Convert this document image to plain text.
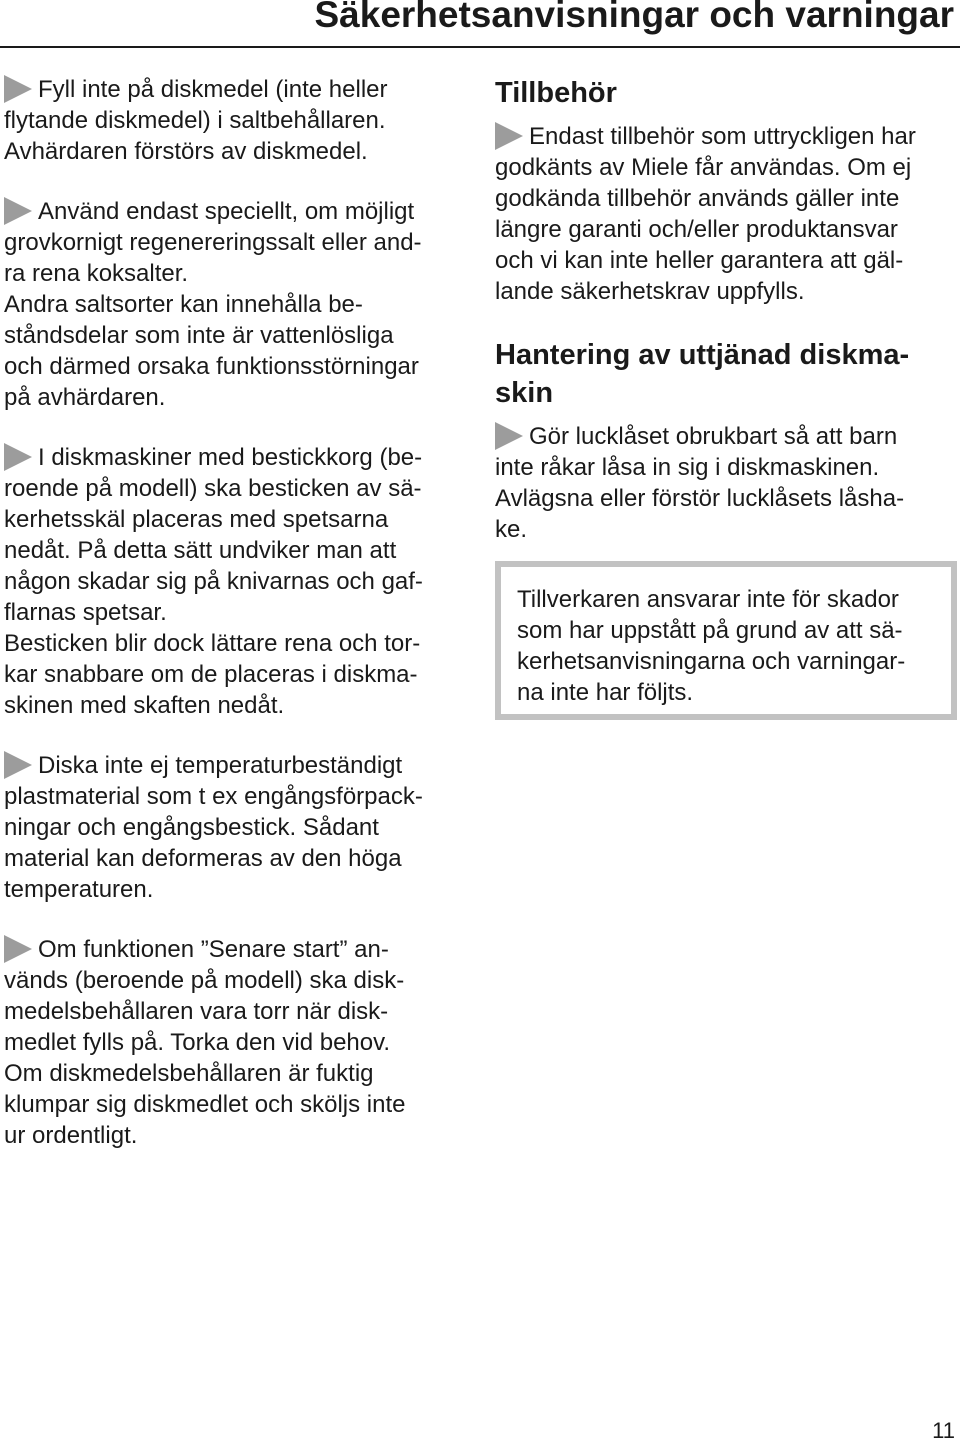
Säkerhetsanvisningar och varningar

Fyll inte på diskmedel (inte heller
flytande diskmedel) i saltbehållaren.
Avhärdaren förstörs av diskmedel.

Använd endast speciellt, om möjligt
grovkornigt regenereringssalt eller and-
ra rena koksalter.
Andra saltsorter kan innehålla be-
ståndsdelar som inte är vattenlösliga
och därmed orsaka funktionsstörningar
på avhärdaren.

I diskmaskiner med bestickkorg (be-
roende på modell) ska besticken av sä-
kerhetsskäl placeras med spetsarna
nedåt. På detta sätt undviker man att
någon skadar sig på knivarnas och gaf-
flarnas spetsar.
Besticken blir dock lättare rena och tor-
kar snabbare om de placeras i diskma-
skinen med skaften nedåt.

Diska inte ej temperaturbeständigt
plastmaterial som t ex engångsförpack-
ningar och engångsbestick. Sådant
material kan deformeras av den höga
temperaturen.

Om funktionen ”Senare start” an-
vänds (beroende på modell) ska disk-
medelsbehållaren vara torr när disk-
medlet fylls på. Torka den vid behov.
Om diskmedelsbehållaren är fuktig
klumpar sig diskmedlet och sköljs inte
ur ordentligt.

Tillbehör

Endast tillbehör som uttryckligen har
godkänts av Miele får användas. Om ej
godkända tillbehör används gäller inte
längre garanti och/eller produktansvar
och vi kan inte heller garantera att gäl-
lande säkerhetskrav uppfylls.

Hantering av uttjänad diskma-
skin

Gör lucklåset obrukbart så att barn
inte råkar låsa in sig i diskmaskinen.
Avlägsna eller förstör lucklåsets låsha-
ke.

Tillverkaren ansvarar inte för skador
som har uppstått på grund av att sä-
kerhetsanvisningarna och varningar-
na inte har följts.
11
